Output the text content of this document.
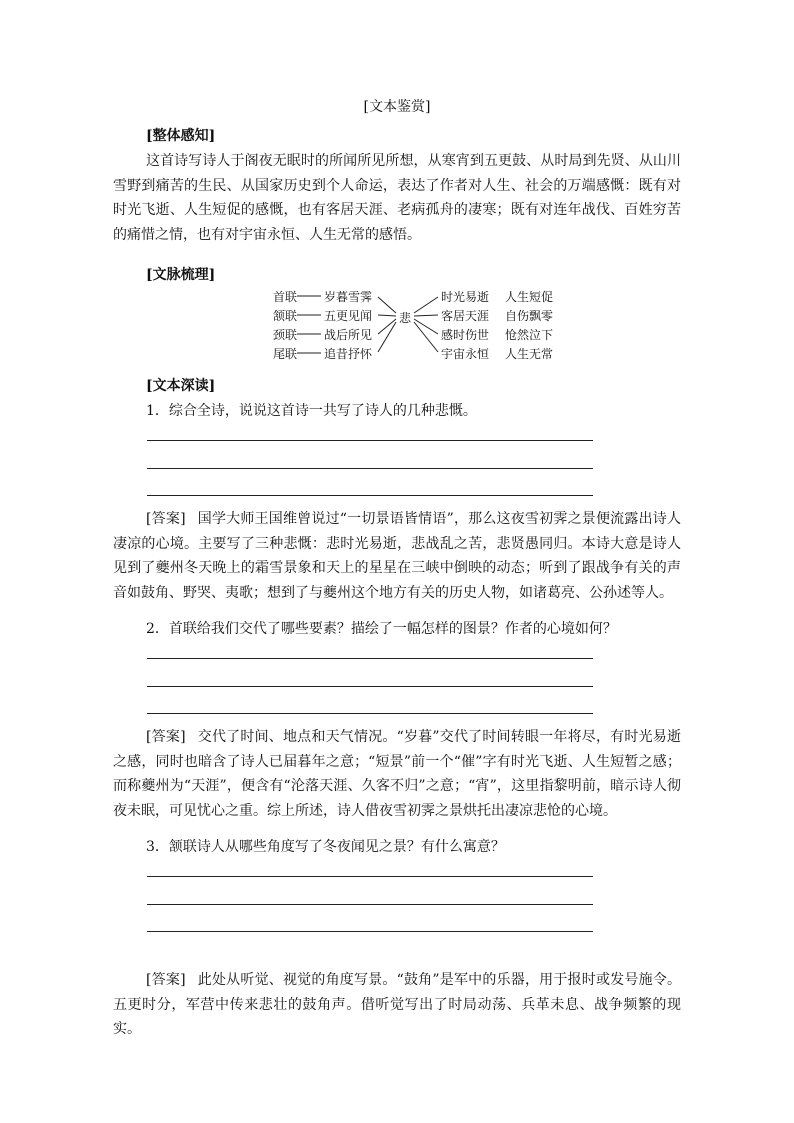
[文本鉴赏]
[整体感知]
这首诗写诗人于阁夜无眠时的所闻所见所想，从寒宵到五更鼓、从时局到先贤、从山川雪野到痛苦的生民、从国家历史到个人命运，表达了作者对人生、社会的万端感慨：既有对时光飞逝、人生短促的感慨，也有客居天涯、老病孤舟的凄寒；既有对连年战伐、百姓穷苦的痛惜之情，也有对宇宙永恒、人生无常的感悟。
[文脉梳理]
首联
颔联
颈联
尾联
岁暮雪霁
五更见闻
战后所见
追昔抒怀
悲
时光易逝
客居天涯
感时伤世
宇宙永恒
人生短促
自伤飘零
怆然泣下
人生无常
[文本深读]
1．综合全诗，说说这首诗一共写了诗人的几种悲慨。
[答案] 国学大师王国维曾说过“一切景语皆情语”，那么这夜雪初霁之景便流露出诗人凄凉的心境。主要写了三种悲慨：悲时光易逝，悲战乱之苦，悲贤愚同归。本诗大意是诗人见到了夔州冬天晚上的霜雪景象和天上的星星在三峡中倒映的动态；听到了跟战争有关的声音如鼓角、野哭、夷歌；想到了与夔州这个地方有关的历史人物，如诸葛亮、公孙述等人。
2．首联给我们交代了哪些要素？描绘了一幅怎样的图景？作者的心境如何？
[答案] 交代了时间、地点和天气情况。“岁暮”交代了时间转眼一年将尽，有时光易逝之感，同时也暗含了诗人已届暮年之意；“短景”前一个“催”字有时光飞逝、人生短暂之感；而称夔州为“天涯”，便含有“沦落天涯、久客不归”之意；“宵”，这里指黎明前，暗示诗人彻夜未眠，可见忧心之重。综上所述，诗人借夜雪初霁之景烘托出凄凉悲怆的心境。
3．颔联诗人从哪些角度写了冬夜闻见之景？有什么寓意？
[答案] 此处从听觉、视觉的角度写景。“鼓角”是军中的乐器，用于报时或发号施令。五更时分，军营中传来悲壮的鼓角声。借听觉写出了时局动荡、兵革未息、战争频繁的现实。
